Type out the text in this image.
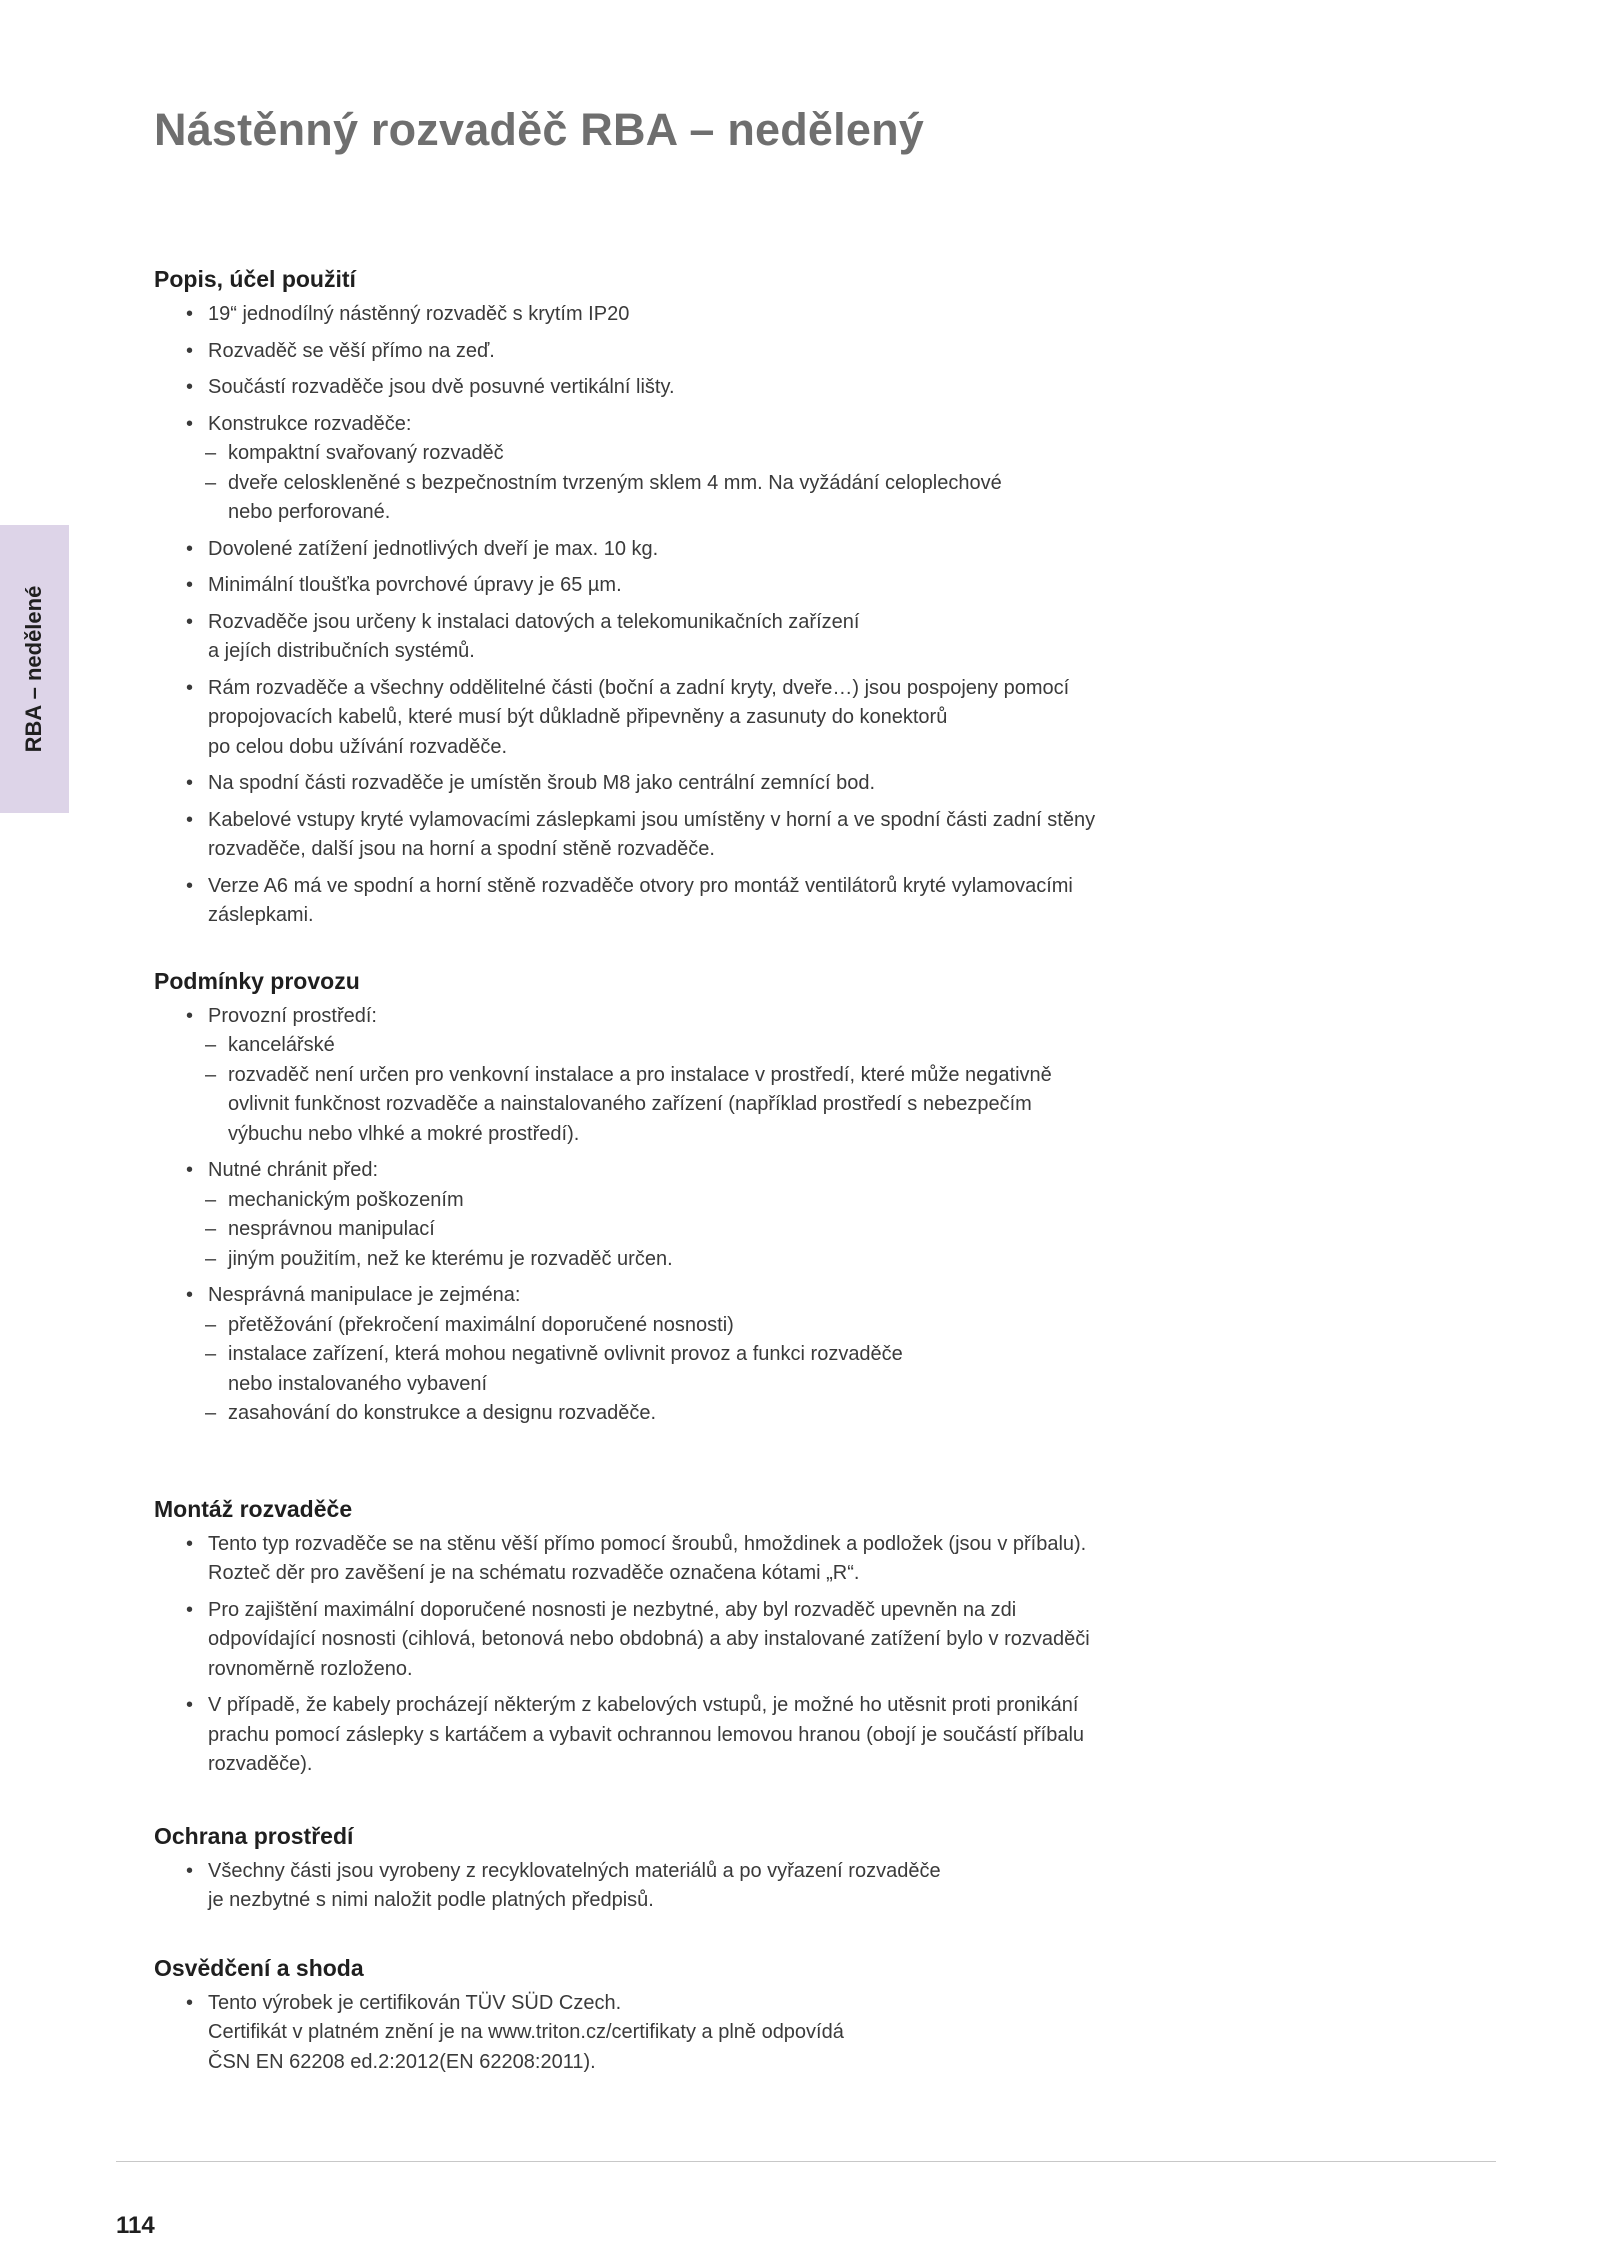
Nástěnný rozvaděč RBA – nedělený
RBA – nedělené
Popis, účel použití
• 19“ jednodílný nástěnný rozvaděč s krytím IP20
• Rozvaděč se věší přímo na zeď.
• Součástí rozvaděče jsou dvě posuvné vertikální lišty.
• Konstrukce rozvaděče:
– kompaktní svařovaný rozvaděč
– dveře celoskleněné s bezpečnostním tvrzeným sklem 4 mm. Na vyžádání celoplechové
nebo perforované.
• Dovolené zatížení jednotlivých dveří je max. 10 kg.
• Minimální tloušťka povrchové úpravy je 65 µm.
• Rozvaděče jsou určeny k instalaci datových a telekomunikačních zařízení
a jejích distribučních systémů.
• Rám rozvaděče a všechny oddělitelné části (boční a zadní kryty, dveře…) jsou pospojeny pomocí
propojovacích kabelů, které musí být důkladně připevněny a zasunuty do konektorů
po celou dobu užívání rozvaděče.
• Na spodní části rozvaděče je umístěn šroub M8 jako centrální zemnící bod.
• Kabelové vstupy kryté vylamovacími záslepkami jsou umístěny v horní a ve spodní části zadní stěny
rozvaděče, další jsou na horní a spodní stěně rozvaděče.
• Verze A6 má ve spodní a horní stěně rozvaděče otvory pro montáž ventilátorů kryté vylamovacími
záslepkami.
Podmínky provozu
• Provozní prostředí:
– kancelářské
– rozvaděč není určen pro venkovní instalace a pro instalace v prostředí, které může negativně
ovlivnit funkčnost rozvaděče a nainstalovaného zařízení (například prostředí s nebezpečím
výbuchu nebo vlhké a mokré prostředí).
• Nutné chránit před:
– mechanickým poškozením
– nesprávnou manipulací
– jiným použitím, než ke kterému je rozvaděč určen.
• Nesprávná manipulace je zejména:
– přetěžování (překročení maximální doporučené nosnosti)
– instalace zařízení, která mohou negativně ovlivnit provoz a funkci rozvaděče
nebo instalovaného vybavení
– zasahování do konstrukce a designu rozvaděče.
Montáž rozvaděče
• Tento typ rozvaděče se na stěnu věší přímo pomocí šroubů, hmoždinek a podložek (jsou v příbalu).
Rozteč děr pro zavěšení je na schématu rozvaděče označena kótami „R“.
• Pro zajištění maximální doporučené nosnosti je nezbytné, aby byl rozvaděč upevněn na zdi
odpovídající nosnosti (cihlová, betonová nebo obdobná) a aby instalované zatížení bylo v rozvaděči
rovnoměrně rozloženo.
• V případě, že kabely procházejí některým z kabelových vstupů, je možné ho utěsnit proti pronikání
prachu pomocí záslepky s kartáčem a vybavit ochrannou lemovou hranou (obojí je součástí příbalu
rozvaděče).
Ochrana prostředí
• Všechny části jsou vyrobeny z recyklovatelných materiálů a po vyřazení rozvaděče
je nezbytné s nimi naložit podle platných předpisů.
Osvědčení a shoda
• Tento výrobek je certifikován TÜV SÜD Czech.
Certifikát v platném znění je na www.triton.cz/certifikaty a plně odpovídá
ČSN EN 62208 ed.2:2012(EN 62208:2011).

114
